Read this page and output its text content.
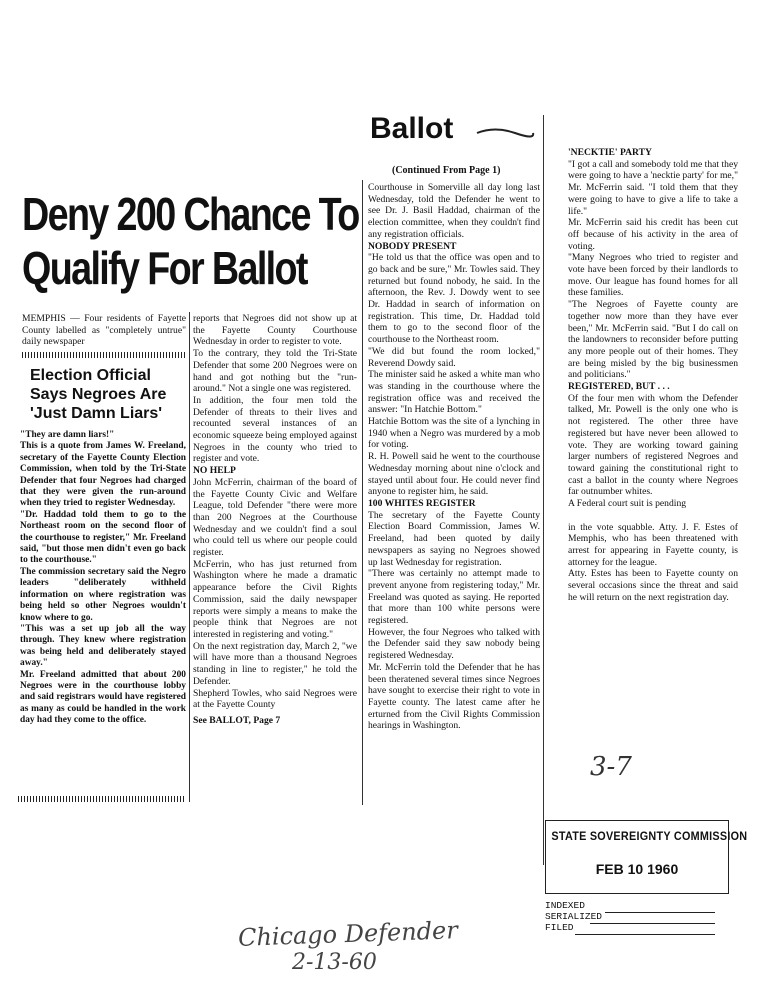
Deny 200 Chance To
Qualify For Ballot
Ballot
(Continued From Page 1)

MEMPHIS — Four residents of Fayette County labelled as "completely untrue" daily newspaper

Election Official
Says Negroes Are
'Just Damn Liars'

"They are damn liars!"
This is a quote from James W. Freeland, secretary of the Fayette County Election Commission, when told by the Tri-State Defender that four Negroes had charged that they were given the run-around when they tried to register Wednesday.
"Dr. Haddad told them to go to the Northeast room on the second floor of the courthouse to register," Mr. Freeland said, "but those men didn't even go back to the courthouse."
The commission secretary said the Negro leaders "deliberately withheld information on where registration was being held so other Negroes wouldn't know where to go.
"This was a set up job all the way through. They knew where registration was being held and deliberately stayed away."
Mr. Freeland admitted that about 200 Negroes were in the courthouse lobby and said registrars would have registered as many as could be handled in the work day had they come to the office.

reports that Negroes did not show up at the Fayette County Courthouse Wednesday in order to register to vote.
To the contrary, they told the Tri-State Defender that some 200 Negroes were on hand and got nothing but the "run-around." Not a single one was registered.
In addition, the four men told the Defender of threats to their lives and recounted several instances of an economic squeeze being employed against Negroes in the county who tried to register and vote.

NO HELP

John McFerrin, chairman of the board of the Fayette County Civic and Welfare League, told Defender "there were more than 200 Negroes at the Courthouse Wednesday and we couldn't find a soul who could tell us where our people could register.
McFerrin, who has just returned from Washington where he made a dramatic appearance before the Civil Rights Commission, said the daily newspaper reports were simply a means to make the people think that Negroes are not interested in registering and voting."
On the next registration day, March 2, "we will have more than a thousand Negroes standing in line to register," he told the Defender.
Shepherd Towles, who said Negroes were at the Fayette County

See BALLOT, Page 7

Courthouse in Somerville all day long last Wednesday, told the Defender he went to see Dr. J. Basil Haddad, chairman of the election committee, when they couldn't find any registration officials.

NOBODY PRESENT

"He told us that the office was open and to go back and be sure," Mr. Towles said. They returned but found nobody, he said. In the afternoon, the Rev. J. Dowdy went to see Dr. Haddad in search of information on registration. This time, Dr. Haddad told them to go to the second floor of the courthouse to the Northeast room.
"We did but found the room locked," Reverend Dowdy said.
The minister said he asked a white man who was standing in the courthouse where the registration office was and received the answer: "In Hatchie Bottom."
Hatchie Bottom was the site of a lynching in 1940 when a Negro was murdered by a mob for voting.
R. H. Powell said he went to the courthouse Wednesday morning about nine o'clock and stayed until about four. He could never find anyone to register him, he said.

100 WHITES REGISTER

The secretary of the Fayette County Election Board Commission, James W. Freeland, had been quoted by daily newspapers as saying no Negroes showed up last Wednesday for registration.
"There was certainly no attempt made to prevent anyone from registering today," Mr. Freeland was quoted as saying. He reported that more than 100 white persons were registered.
However, the four Negroes who talked with the Defender said they saw nobody being registered Wednesday.
Mr. McFerrin told the Defender that he has been theratened several times since Negroes have sought to exercise their right to vote in Fayette county. The latest came after he erturned from the Civil Rights Commission hearings in Washington.

'NECKTIE' PARTY

"I got a call and somebody told me that they were going to have a 'necktie party' for me," Mr. McFerrin said. "I told them that they were going to have to give a life to take a life."
Mr. McFerrin said his credit has been cut off because of his activity in the area of voting.
"Many Negroes who tried to register and vote have been forced by their landlords to move. Our league has found homes for all these families.
"The Negroes of Fayette county are together now more than they have ever been," Mr. McFerrin said. "But I do call on the landowners to reconsider before putting any more people out of their homes. They are being misled by the big businessmen and politicians."

REGISTERED, BUT . . .

Of the four men with whom the Defender talked, Mr. Powell is the only one who is not registered. The other three have registered but have never been allowed to vote. They are working toward gaining larger numbers of registered Negroes and toward gaining the constitutional right to cast a ballot in the county where Negroes far outnumber whites.
A Federal court suit is pending

in the vote squabble. Atty. J. F. Estes of Memphis, who has been threatened with arrest for appearing in Fayette county, is attorney for the league.
Atty. Estes has been to Fayette county on several occasions since the threat and said he will return on the next registration day.

3-7
STATE SOVEREIGNTY COMMISSION
FEB 10 1960
INDEXED
SERIALIZED
FILED
Chicago Defender
2-13-60
